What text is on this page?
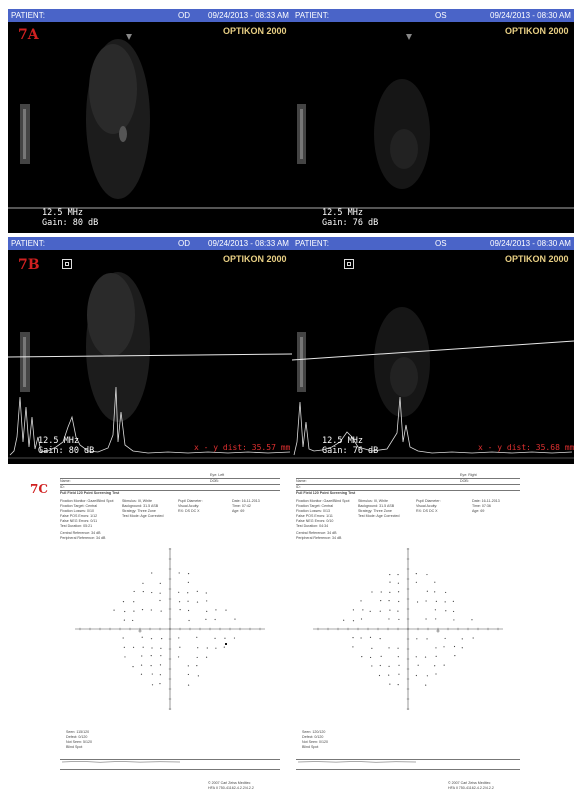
PATIENT:	OD 09/24/2013 - 08:33 AM
7A	OPTIKON 2000
12.5 MHz
Gain: 80 dB
PATIENT:	OS	09/24/2013 - 08:30 AM
OPTIKON 2000
12.5 MHz
Gain: 76 dB
PATIENT:	OD 09/24/2013 - 08:33 AM
7B	OPTIKON 2000
12.5 MHz
Gain: 80 dB	x - y dist: 35.57 mm
PATIENT:	OS	09/24/2013 - 08:30 AM
OPTIKON 2000
12.5 MHz
Gain: 76 dB	x - y dist: 35.68 mm
7C
Eye: Left
Name:	DOB:
ID:
Full Field 120 Point Screening Test
Fixation Monitor: Gaze/Blind Spot
Fixation Target: Central
Fixation Losses: 0/10
False POS Errors: 1/12
False NEG Errors: 0/11
Test Duration: 05:21
Stimulus: III, White
Background: 31.5 ASB
Strategy: Three Zone
Test Mode: Age Corrected
Pupil Diameter:
Visual Acuity:
RX: DS DC X
Date: 16-11-2013
Time: 07:42
Age: 69
Central Reference: 34 dB
Peripheral Reference: 34 dB
Seen: 115/120
Defect: 0/120
Not Seen: 5/120
Blind Spot
© 2007 Carl Zeiss Meditec
HFA II 750-41162-4.2.2/4.2.2
Eye: Right
Name:	DOB:
ID:
Full Field 120 Point Screening Test
Fixation Monitor: Gaze/Blind Spot
Fixation Target: Central
Fixation Losses: 0/13
False POS Errors: 1/11
False NEG Errors: 0/10
Test Duration: 04:34
Stimulus: III, White
Background: 31.5 ASB
Strategy: Three Zone
Test Mode: Age Corrected
Pupil Diameter:
Visual Acuity:
RX: DS DC X
Date: 16-11-2013
Time: 07:36
Age: 69
Central Reference: 34 dB
Peripheral Reference: 34 dB
Seen: 120/120
Defect: 0/120
Not Seen: 0/120
Blind Spot
© 2007 Carl Zeiss Meditec
HFA II 750-41162-4.2.2/4.2.2
